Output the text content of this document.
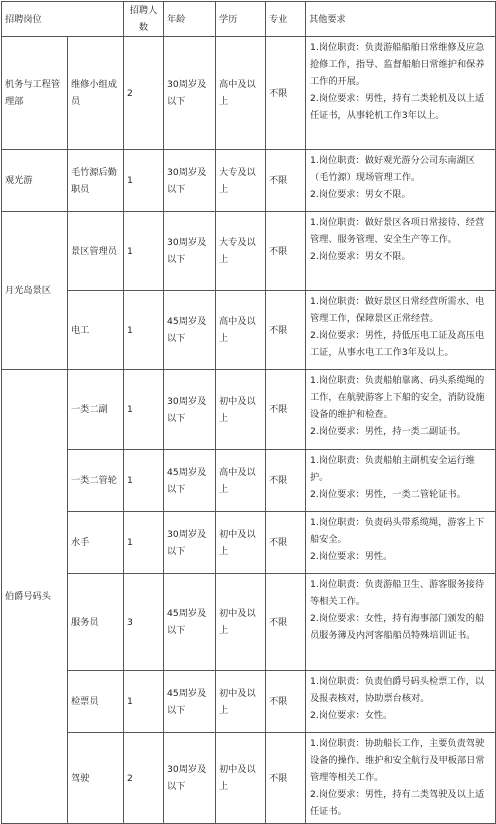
招聘岗位		招聘人数	年龄	学历	专业	其他要求
机务与工程管理部	维修小组成员	2	30周岁及以下	高中及以上	不限	1.岗位职责：负责游船船舶日常维修及应急抢修工作，指导、监督船舶日常维护和保养工作的开展。
2.岗位要求：男性，持有二类轮机及以上适任证书，从事轮机工作3年以上。

观光游	毛竹源后勤职员	1	30周岁及以下	大专及以上	不限	1.岗位职责：做好观光游分公司东南湖区（毛竹源）现场管理工作。
2.岗位要求：男女不限。

月光岛景区	景区管理员	1	30周岁及以下	大专及以上	不限	1.岗位职责：做好景区各项日常接待、经营管理、服务管理、安全生产等工作。
2.岗位要求：男女不限。

	电工	1	45周岁及以下	高中及以上	不限	1.岗位职责：做好景区日常经营所需水、电管理工作，保障景区正常经营。
2.岗位要求：男性，持低压电工证及高压电工证，从事水电工工作3年及以上。

伯爵号码头	一类二副	1	30周岁及以下	初中及以上	不限	1.岗位职责：负责船舶靠离、码头系缆绳的工作，在航驶游客上下船的安全，消防设施设备的维护和检查。
2.岗位要求：男性，持一类二副证书。

	一类二管轮	1	45周岁及以下	高中及以上	不限	1.岗位职责：负责船舶主副机安全运行维护。
2.岗位要求：男性，一类二管轮证书。

	水手	1	30周岁及以下	初中及以上	不限	1.岗位职责：负责码头带系缆绳，游客上下船安全。
2.岗位要求：男性。

	服务员	3	45周岁及以下	初中及以上	不限	1.岗位职责：负责游船卫生、游客服务接待等相关工作。
2.岗位要求：女性，持有海事部门颁发的船员服务簿及内河客船船员特殊培训证书。

	检票员	1	45周岁及以下	初中及以上	不限	1.岗位职责：负责伯爵号码头检票工作，以及报表核对，协助票台核对。
2.岗位要求：女性。

	驾驶	2	30周岁及以下	初中及以上	不限	1.岗位职责：协助船长工作，主要负责驾驶设备的操作、维护和安全航行及甲板部日常管理等相关工作。
2.岗位要求：男性，持有二类驾驶及以上适任证书。
